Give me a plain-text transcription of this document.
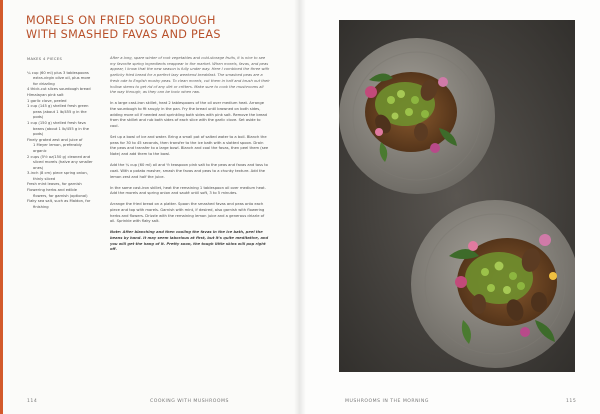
MORELS ON FRIED SOURDOUGH
WITH SMASHED FAVAS AND PEAS
MAKES 4 PIECES

¼ cup (60 ml) plus 3 tablespoons
extra-virgin olive oil, plus more
for drizzling

4 thick-cut slices sourdough bread

Himalayan pink salt

1 garlic clove, peeled

1 cup (145 g) shelled fresh green
peas (about 1 lb/455 g in the
pods)

1 cup (150 g) shelled fresh fava
beans (about 1 lb/455 g in the
pods)

Finely grated zest and juice of
1 Meyer lemon, preferably
organic

2 cups (5½ oz/150 g) cleaned and
sliced morels (halve any smaller
ones)

3-inch (8 cm) piece spring onion,
thinly sliced

Fresh mint leaves, for garnish

Flowering herbs and edible
flowers, for garnish (optional)

Flaky sea salt, such as Maldon, for
finishing

After a long, spare winter of root vegetables and cold-storage fruits, it is nice to see my favorite spring ingredients reappear in the market. When morels, favas, and peas appear, I know that the new season is fully under way. Here I combined the three with garlicky fried bread for a perfect lazy weekend breakfast. The smashed peas are a fresh ode to English mushy peas. To clean morels, cut them in half and brush out their hollow stems to get rid of any dirt or critters. Make sure to cook the mushrooms all the way through, as they can be toxic when raw.

In a large cast-iron skillet, heat 2 tablespoons of the oil over medium heat. Arrange the sourdough to fit snugly in the pan. Fry the bread until browned on both sides, adding more oil if needed and sprinkling both sides with pink salt. Remove the bread from the skillet and rub both sides of each slice with the garlic clove. Set aside to cool.

Set up a bowl of ice and water. Bring a small pot of salted water to a boil. Blanch the peas for 30 to 45 seconds, then transfer to the ice bath with a slotted spoon. Drain the peas and transfer to a large bowl. Blanch and cool the favas, then peel them (see Note) and add them to the bowl.

Add the ¼ cup (60 ml) oil and ½ teaspoon pink salt to the peas and favas and toss to coat. With a potato masher, smash the favas and peas to a chunky texture. Add the lemon zest and half the juice.

In the same cast-iron skillet, heat the remaining 1 tablespoon oil over medium heat. Add the morels and spring onion and sauté until soft, 3 to 5 minutes.

Arrange the fried bread on a platter. Spoon the smashed favas and peas onto each piece and top with morels. Garnish with mint, if desired, also garnish with flowering herbs and flowers. Drizzle with the remaining lemon juice and a generous drizzle of oil. Sprinkle with flaky salt.

Note: After blanching and then cooling the favas in the ice bath, peel the beans by hand. It may seem laborious at first, but it's quite meditative, and you will get the hang of it. Pretty soon, the tough little skins will pop right off.

114	COOKING WITH MUSHROOMS	MUSHROOMS IN THE MORNING	115
